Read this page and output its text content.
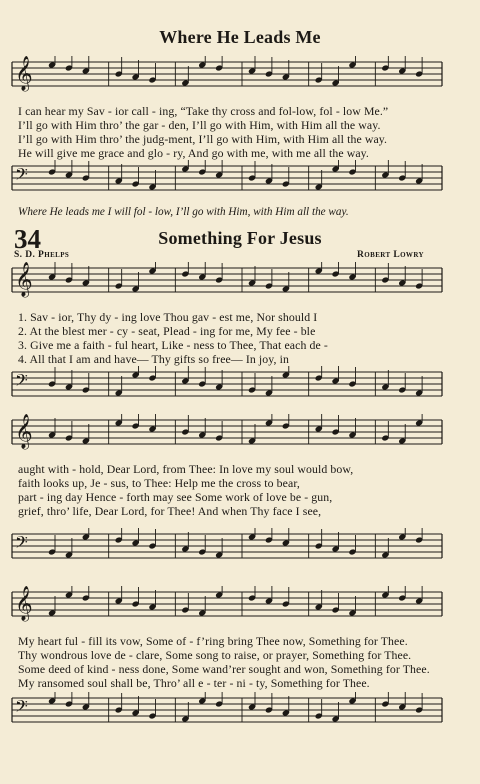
Where He Leads Me
𝄞
I can hear my Sav - ior call - ing, “Take thy cross and fol-low, fol - low Me.”
I’ll go with Him thro’ the gar - den, I’ll go with Him, with Him all the way.
I’ll go with Him thro’ the judg-ment, I’ll go with Him, with Him all the way.
He will give me grace and glo - ry, And go with me, with me all the way.
𝄢
Where He leads me I will fol - low, I’ll go with Him, with Him all the way.
34	Something For Jesus
S. D. Phelps	Robert Lowry
𝄞
1. Sav - ior, Thy dy - ing love Thou gav - est me, Nor should I
2. At the blest mer - cy - seat, Plead - ing for me, My fee - ble
3. Give me a faith - ful heart, Like - ness to Thee, That each de -
4. All that I am and have— Thy gifts so free— In joy, in
𝄢
𝄞
aught with - hold, Dear Lord, from Thee: In love my soul would bow,
faith looks up, Je - sus, to Thee: Help me the cross to bear,
part - ing day Hence - forth may see Some work of love be - gun,
grief, thro’ life, Dear Lord, for Thee! And when Thy face I see,
𝄢
𝄞
My heart ful - fill its vow, Some of - f’ring bring Thee now, Something for Thee.
Thy wondrous love de - clare, Some song to raise, or prayer, Something for Thee.
Some deed of kind - ness done, Some wand’rer sought and won, Something for Thee.
My ransomed soul shall be, Thro’ all e - ter - ni - ty, Something for Thee.
𝄢
